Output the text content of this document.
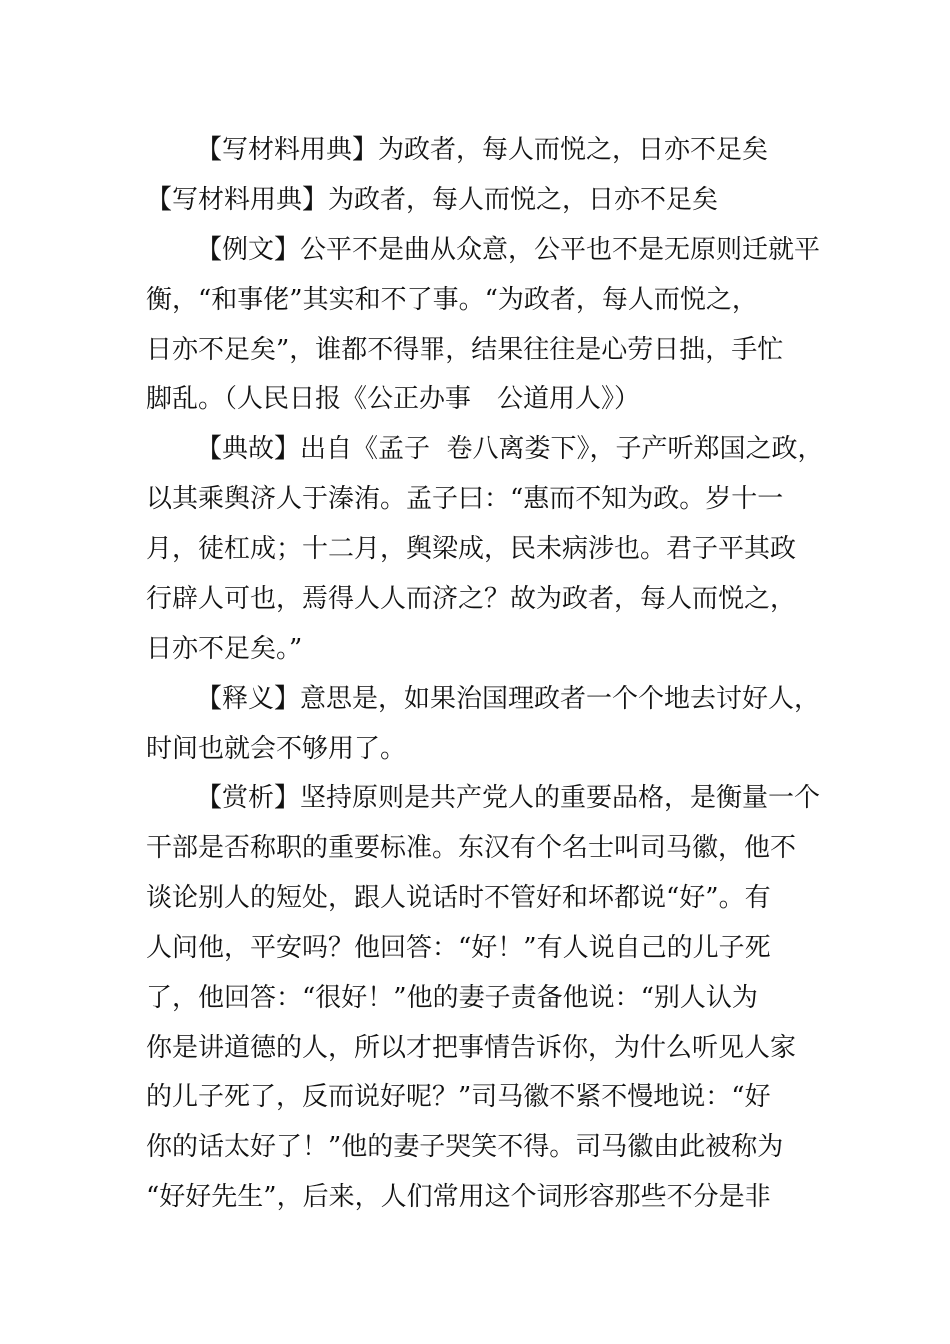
【写材料用典】为政者，每人而悦之，日亦不足矣
【写材料用典】为政者，每人而悦之，日亦不足矣
【例文】公平不是曲从众意，公平也不是无原则迁就平
衡，“和事佬”其实和不了事。“为政者，每人而悦之，
日亦不足矣”，谁都不得罪，结果往往是心劳日拙，手忙
脚乱。（人民日报《公正办事　公道用人》）
【典故】出自《孟子  卷八离娄下》，子产听郑国之政，
以其乘舆济人于溱洧。孟子曰：“惠而不知为政。岁十一
月，徒杠成；十二月，舆梁成，民未病涉也。君子平其政
行辟人可也，焉得人人而济之？故为政者，每人而悦之，
日亦不足矣。”
【释义】意思是，如果治国理政者一个个地去讨好人，
时间也就会不够用了。
【赏析】坚持原则是共产党人的重要品格，是衡量一个
干部是否称职的重要标准。东汉有个名士叫司马徽，他不
谈论别人的短处，跟人说话时不管好和坏都说“好”。有
人问他，平安吗？他回答：“好！”有人说自己的儿子死
了，他回答：“很好！”他的妻子责备他说：“别人认为
你是讲道德的人，所以才把事情告诉你，为什么听见人家
的儿子死了，反而说好呢？”司马徽不紧不慢地说：“好
你的话太好了！”他的妻子哭笑不得。司马徽由此被称为
“好好先生”，后来，人们常用这个词形容那些不分是非
